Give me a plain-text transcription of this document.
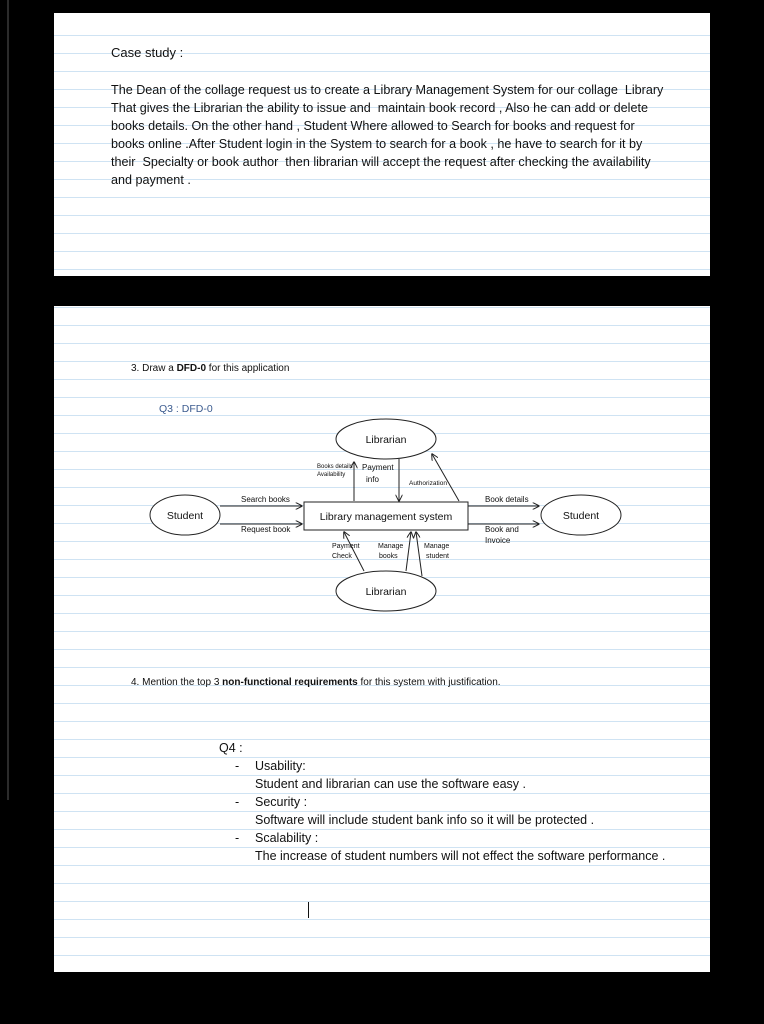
Case study :
The Dean of the collage request us to create a Library Management System for our collage  Library
That gives the Librarian the ability to issue and  maintain book record , Also he can add or delete
books details. On the other hand , Student Where allowed to Search for books and request for
books online .After Student login in the System to search for a book , he have to search for it by
their  Specialty or book author  then librarian will accept the request after checking the availability
and payment .
3. Draw a DFD-0 for this application
Q3 : DFD-0
Library management system
Student	Student
Librarian
Librarian
Search books
Request book
Book details
Book and
Invoice
Books details
Availability
Payment
info	Authorization
Payment
Check
Manage
books
Manage
student
4. Mention the top 3 non-functional requirements for this system with justification.
Q4 :
- Usability:
Student and librarian can use the software easy .
- Security :
Software will include student bank info so it will be protected .
- Scalability :
The increase of student numbers will not effect the software performance .
